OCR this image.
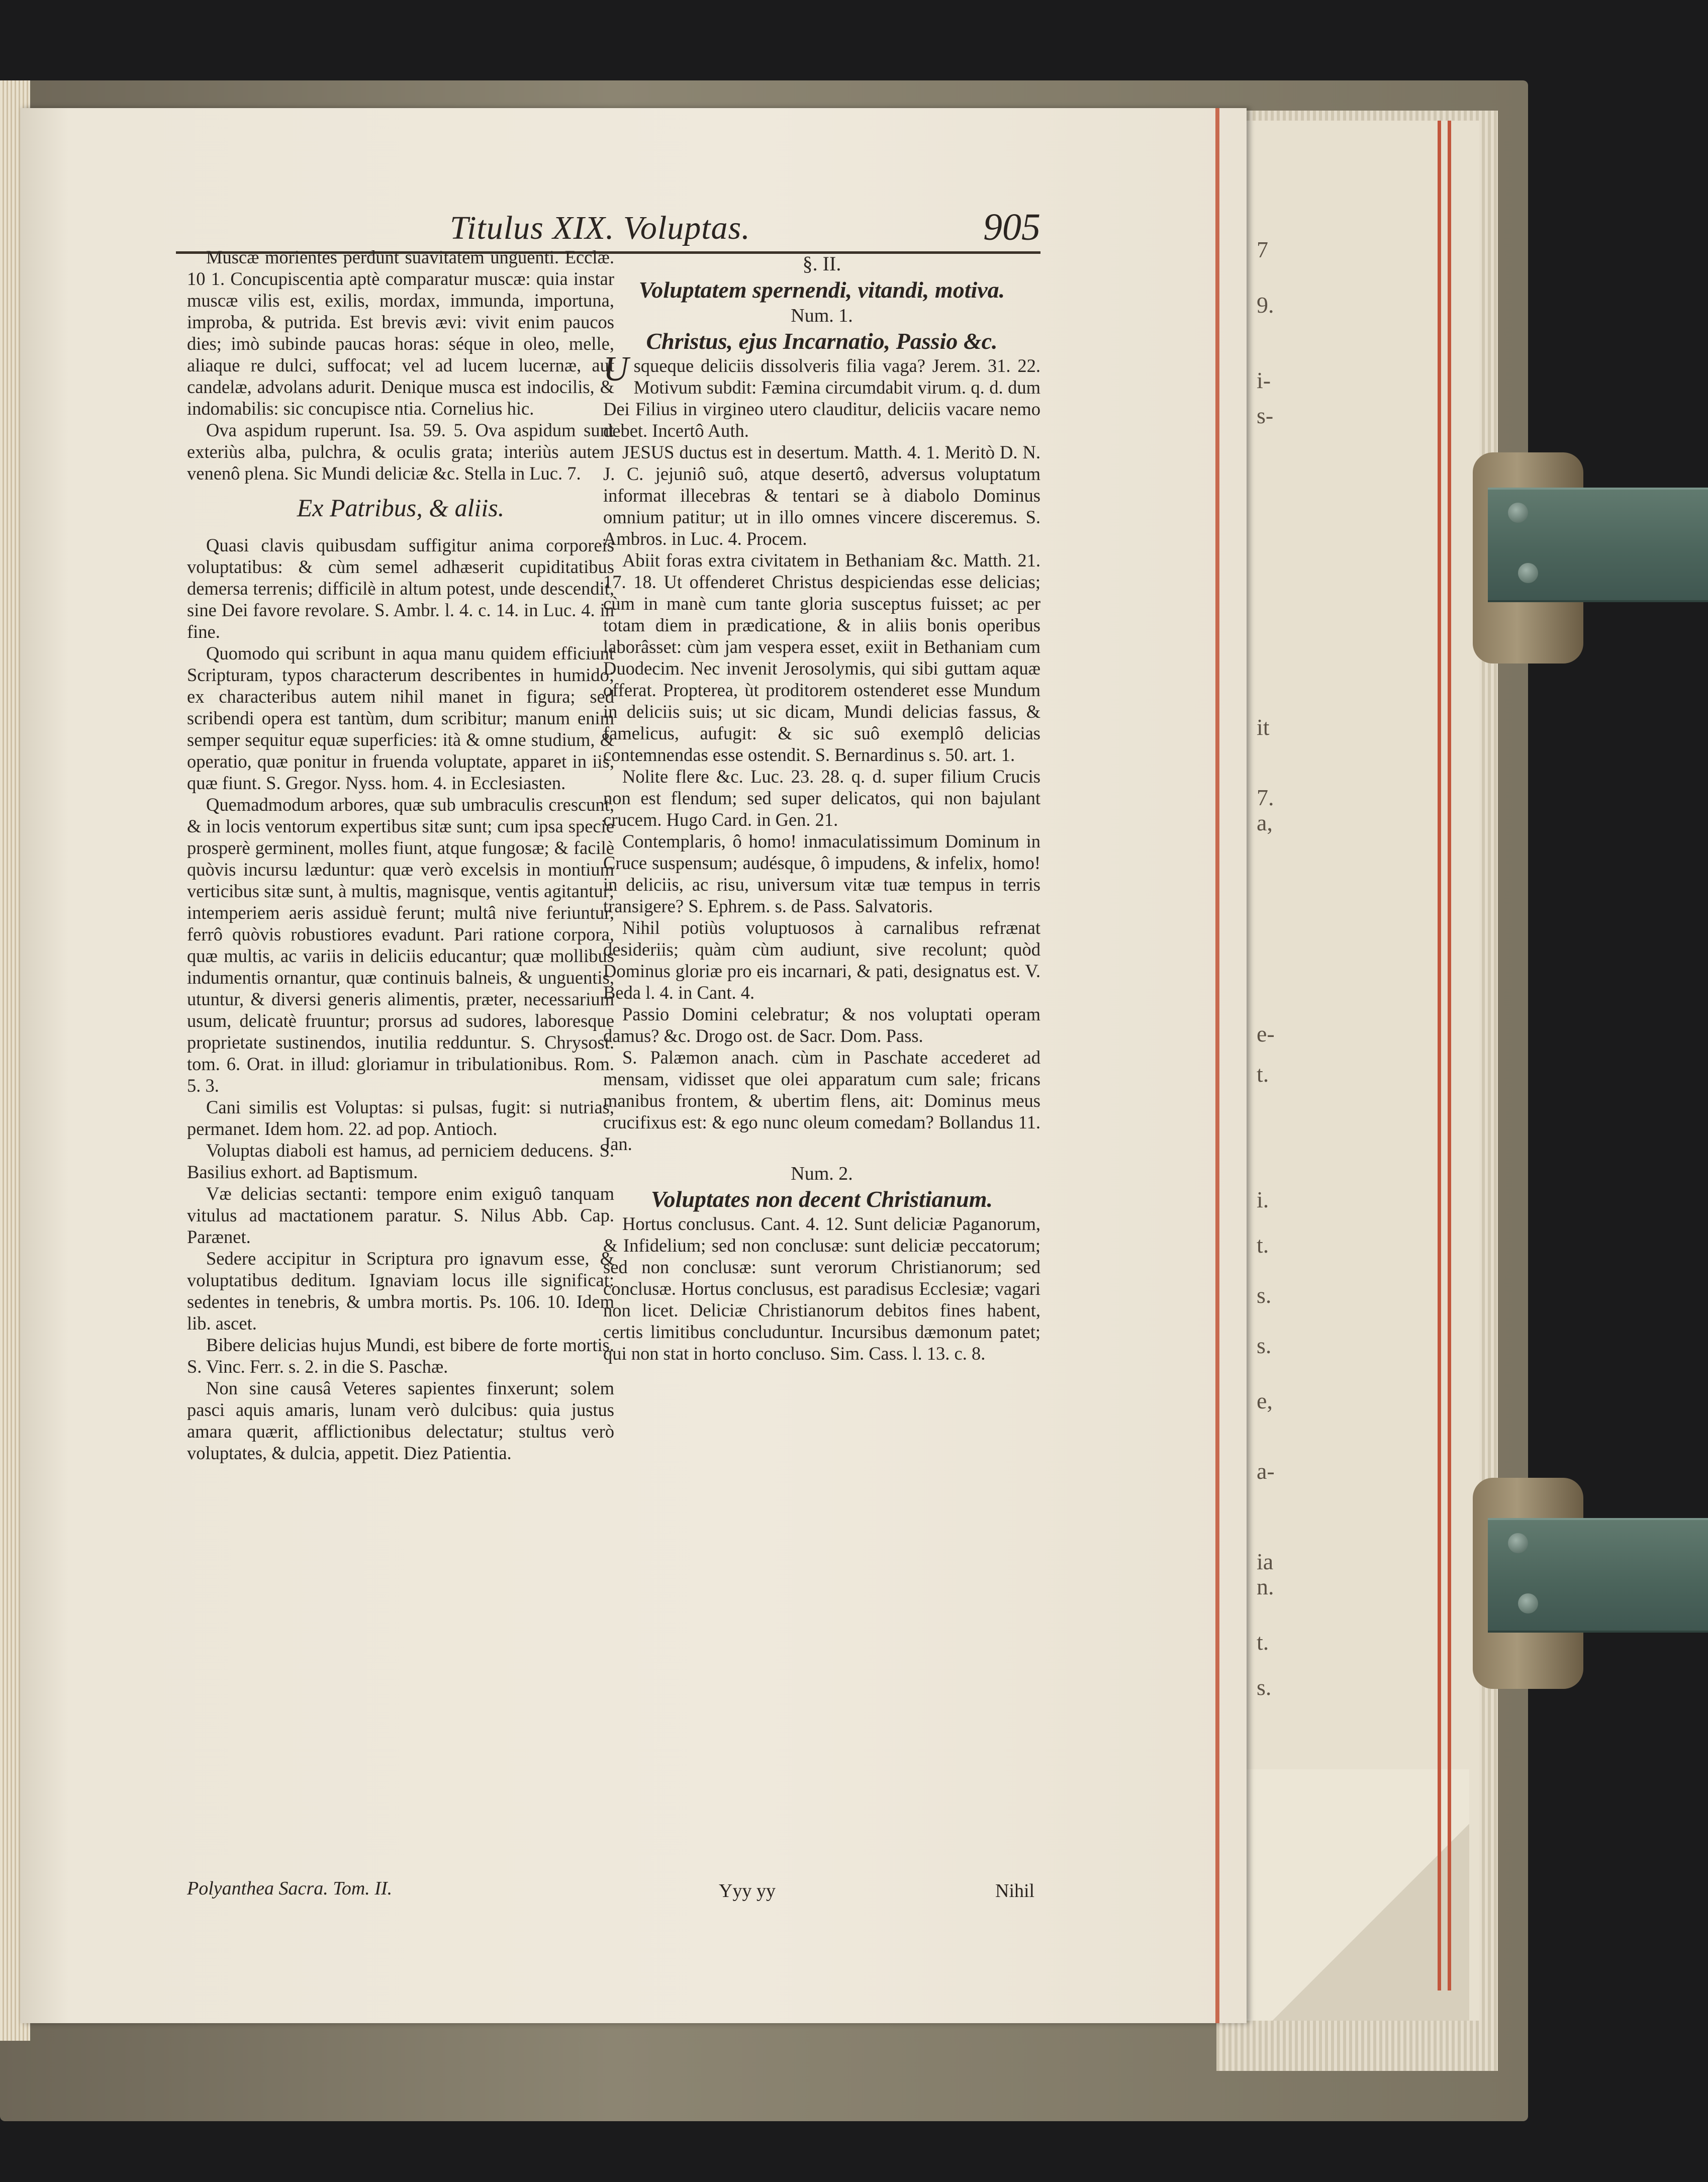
7
9.
i-
s-
it
7.
a,
e-
t.
i.
t.
s.
s.
e,
a-
ia
n.
t.
s.
Titulus XIX. Voluptas.	905

Muscæ morientes perdunt suavitatem unguenti. Ecclæ. 10 1. Concupiscentia aptè comparatur muscæ: quia instar muscæ vilis est, exilis, mordax, immunda, importuna, improba, & putrida. Est brevis ævi: vivit enim paucos dies; imò subinde paucas horas: séque in oleo, melle, aliaque re dulci, suffocat; vel ad lucem lucernæ, aut candelæ, advolans adurit. Denique musca est indocilis, & indomabilis: sic concupisce ntia. Cornelius hic.

Ova aspidum ruperunt. Isa. 59. 5. Ova aspidum sunt exteriùs alba, pulchra, & oculis grata; interiùs autem venenô plena. Sic Mundi deliciæ &c. Stella in Luc. 7.

Ex Patribus, & aliis.

Quasi clavis quibusdam suffigitur anima corporeis voluptatibus: & cùm semel adhæserit cupiditatibus demersa terrenis; difficilè in altum potest, unde descendit, sine Dei favore revolare. S. Ambr. l. 4. c. 14. in Luc. 4. in fine.

Quomodo qui scribunt in aqua manu quidem efficiunt Scripturam, typos characterum describentes in humido; ex characteribus autem nihil manet in figura; sed scribendi opera est tantùm, dum scribitur; manum enim semper sequitur equæ superficies: ità & omne studium, & operatio, quæ ponitur in fruenda voluptate, apparet in iis, quæ fiunt. S. Gregor. Nyss. hom. 4. in Ecclesiasten.

Quemadmodum arbores, quæ sub umbraculis crescunt, & in locis ventorum expertibus sitæ sunt; cum ipsa specie prosperè germinent, molles fiunt, atque fungosæ; & facilè quòvis incursu læduntur: quæ verò excelsis in montium verticibus sitæ sunt, à multis, magnisque, ventis agitantur; intemperiem aeris assiduè ferunt; multâ nive feriuntur, ferrô quòvis robustiores evadunt. Pari ratione corpora, quæ multis, ac variis in deliciis educantur; quæ mollibus indumentis ornantur, quæ continuis balneis, & unguentis, utuntur, & diversi generis alimentis, præter, necessarium usum, delicatè fruuntur; prorsus ad sudores, laboresque proprietate sustinendos, inutilia redduntur. S. Chrysost. tom. 6. Orat. in illud: gloriamur in tribulationibus. Rom. 5. 3.

Cani similis est Voluptas: si pulsas, fugit: si nutrias, permanet. Idem hom. 22. ad pop. Antioch.

Voluptas diaboli est hamus, ad perniciem deducens. S. Basilius exhort. ad Baptismum.

Væ delicias sectanti: tempore enim exiguô tanquam vitulus ad mactationem paratur. S. Nilus Abb. Cap. Parænet.

Sedere accipitur in Scriptura pro ignavum esse, & voluptatibus deditum. Ignaviam locus ille significat: sedentes in tenebris, & umbra mortis. Ps. 106. 10. Idem lib. ascet.

Bibere delicias hujus Mundi, est bibere de forte mortis. S. Vinc. Ferr. s. 2. in die S. Paschæ.

Non sine causâ Veteres sapientes finxerunt; solem pasci aquis amaris, lunam verò dulcibus: quia justus amara quærit, afflictionibus delectatur; stultus verò voluptates, & dulcia, appetit. Diez Patientia.

§. II.
Voluptatem spernendi, vitandi, motiva.
Num. 1.
Christus, ejus Incarnatio, Passio &c.

Usqueque deliciis dissolveris filia vaga? Jerem. 31. 22. Motivum subdit: Fæmina circumdabit virum. q. d. dum Dei Filius in virgineo utero clauditur, deliciis vacare nemo debet. Incertô Auth.

JESUS ductus est in desertum. Matth. 4. 1. Meritò D. N. J. C. jejuniô suô, atque desertô, adversus voluptatum informat illecebras & tentari se à diabolo Dominus omnium patitur; ut in illo omnes vincere disceremus. S. Ambros. in Luc. 4. Procem.

Abiit foras extra civitatem in Bethaniam &c. Matth. 21. 17. 18. Ut offenderet Christus despiciendas esse delicias; cùm in manè cum tante gloria susceptus fuisset; ac per totam diem in prædicatione, & in aliis bonis operibus laborâsset: cùm jam vespera esset, exiit in Bethaniam cum Duodecim. Nec invenit Jerosolymis, qui sibi guttam aquæ offerat. Propterea, ùt proditorem ostenderet esse Mundum in deliciis suis; ut sic dicam, Mundi delicias fassus, & famelicus, aufugit: & sic suô exemplô delicias contemnendas esse ostendit. S. Bernardinus s. 50. art. 1.

Nolite flere &c. Luc. 23. 28. q. d. super filium Crucis non est flendum; sed super delicatos, qui non bajulant crucem. Hugo Card. in Gen. 21.

Contemplaris, ô homo! inmaculatissimum Dominum in Cruce suspensum; audésque, ô impudens, & infelix, homo! in deliciis, ac risu, universum vitæ tuæ tempus in terris transigere? S. Ephrem. s. de Pass. Salvatoris.

Nihil potiùs voluptuosos à carnalibus refrænat desideriis; quàm cùm audiunt, sive recolunt; quòd Dominus gloriæ pro eis incarnari, & pati, designatus est. V. Beda l. 4. in Cant. 4.

Passio Domini celebratur; & nos voluptati operam damus? &c. Drogo ost. de Sacr. Dom. Pass.

S. Palæmon anach. cùm in Paschate accederet ad mensam, vidisset que olei apparatum cum sale; fricans manibus frontem, & ubertim flens, ait: Dominus meus crucifixus est: & ego nunc oleum comedam? Bollandus 11. Jan.

Num. 2.
Voluptates non decent Christianum.

Hortus conclusus. Cant. 4. 12. Sunt deliciæ Paganorum, & Infidelium; sed non conclusæ: sunt deliciæ peccatorum; sed non conclusæ: sunt verorum Christianorum; sed conclusæ. Hortus conclusus, est paradisus Ecclesiæ; vagari non licet. Deliciæ Christianorum debitos fines habent, certis limitibus concluduntur. Incursibus dæmonum patet; qui non stat in horto concluso. Sim. Cass. l. 13. c. 8.

Polyanthea Sacra. Tom. II.	Yyy yy	Nihil
